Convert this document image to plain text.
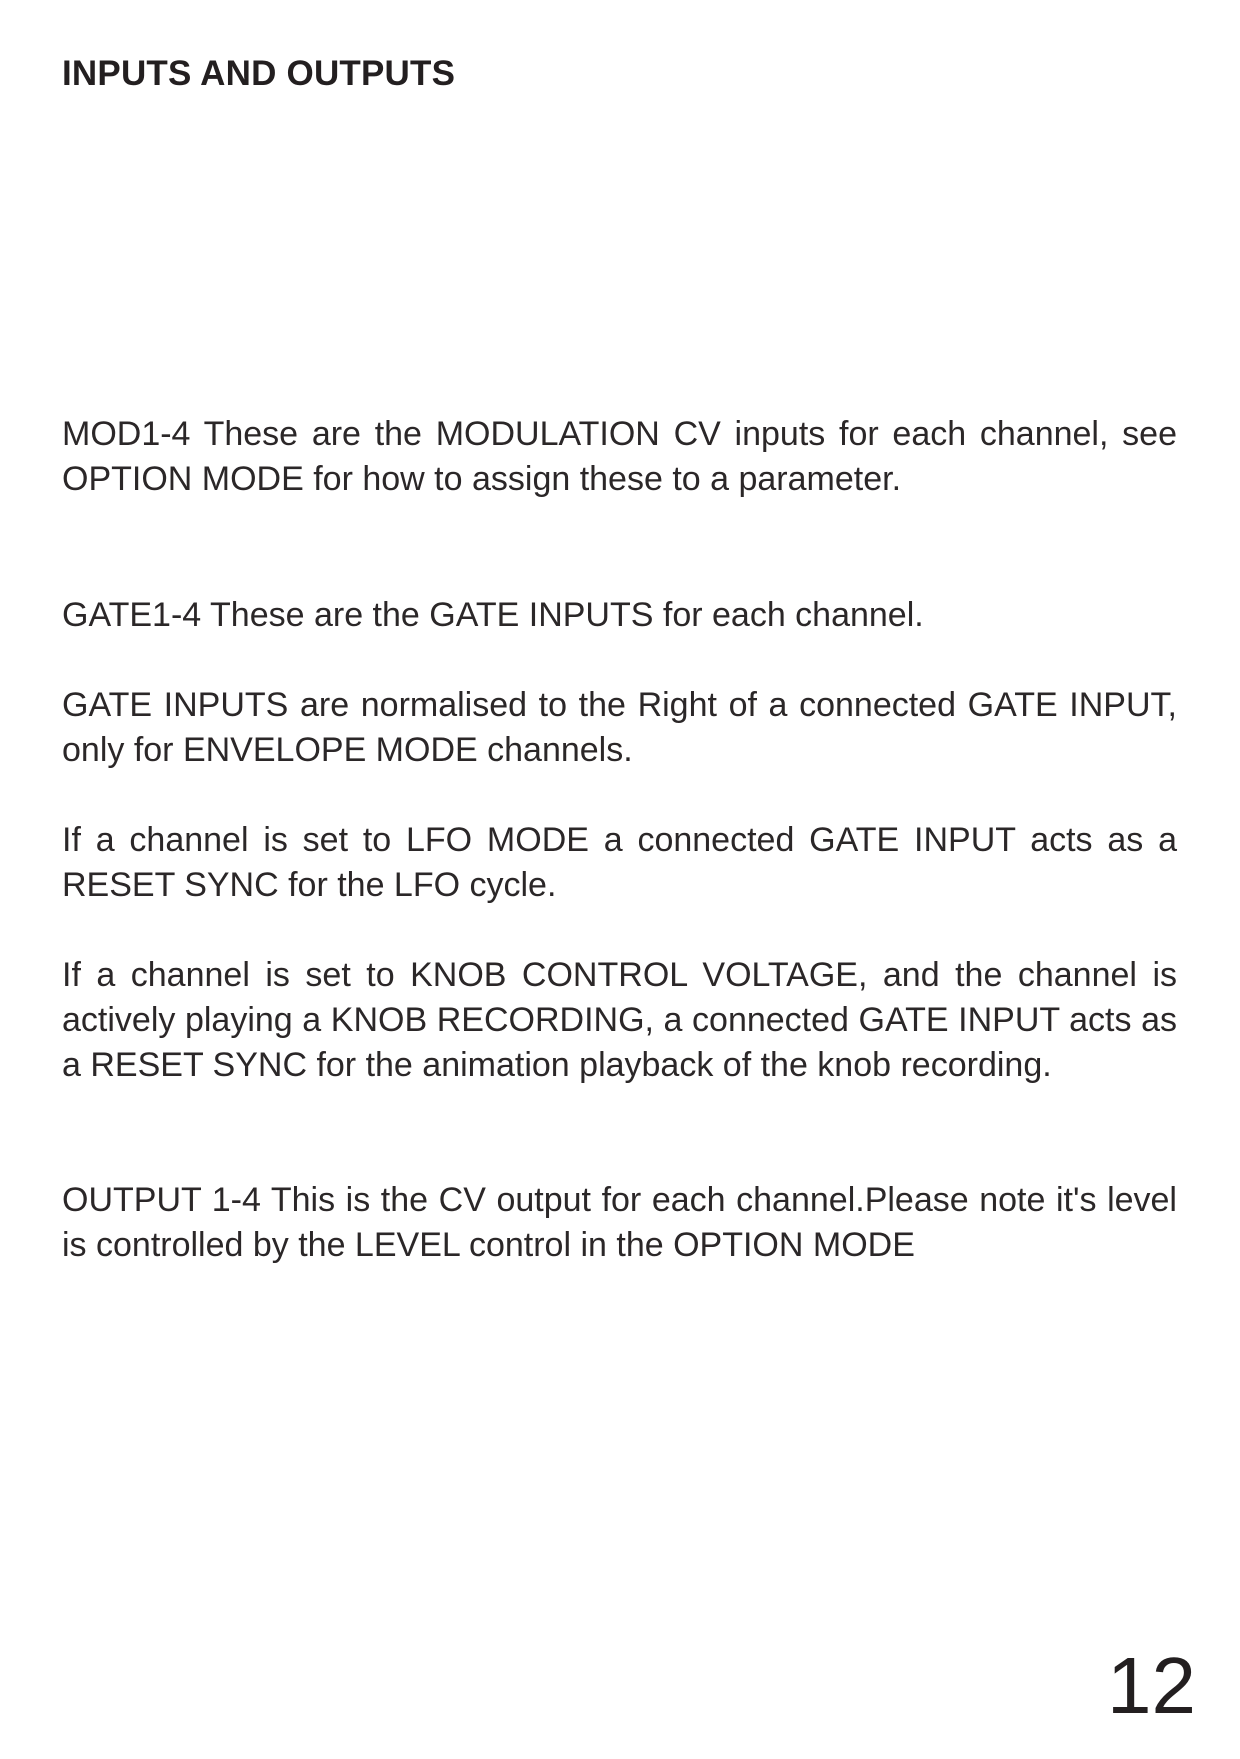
INPUTS AND OUTPUTS

MOD1-4 These are the MODULATION CV inputs for each channel, see OPTION MODE for how to assign these to a parameter.

GATE1-4 These are the GATE INPUTS for each channel.

GATE INPUTS are normalised to the Right of a connected GATE INPUT, only for ENVELOPE MODE channels.

If a channel is set to LFO MODE a connected GATE INPUT acts as a RESET SYNC for the LFO cycle.

If a channel is set to KNOB CONTROL VOLTAGE, and the channel is actively playing a KNOB RECORDING, a connected GATE INPUT acts as a RESET SYNC for the animation playback of the knob recording.

OUTPUT 1-4 This is the CV output for each channel.Please note it's level is controlled by the LEVEL control in the OPTION MODE

12
